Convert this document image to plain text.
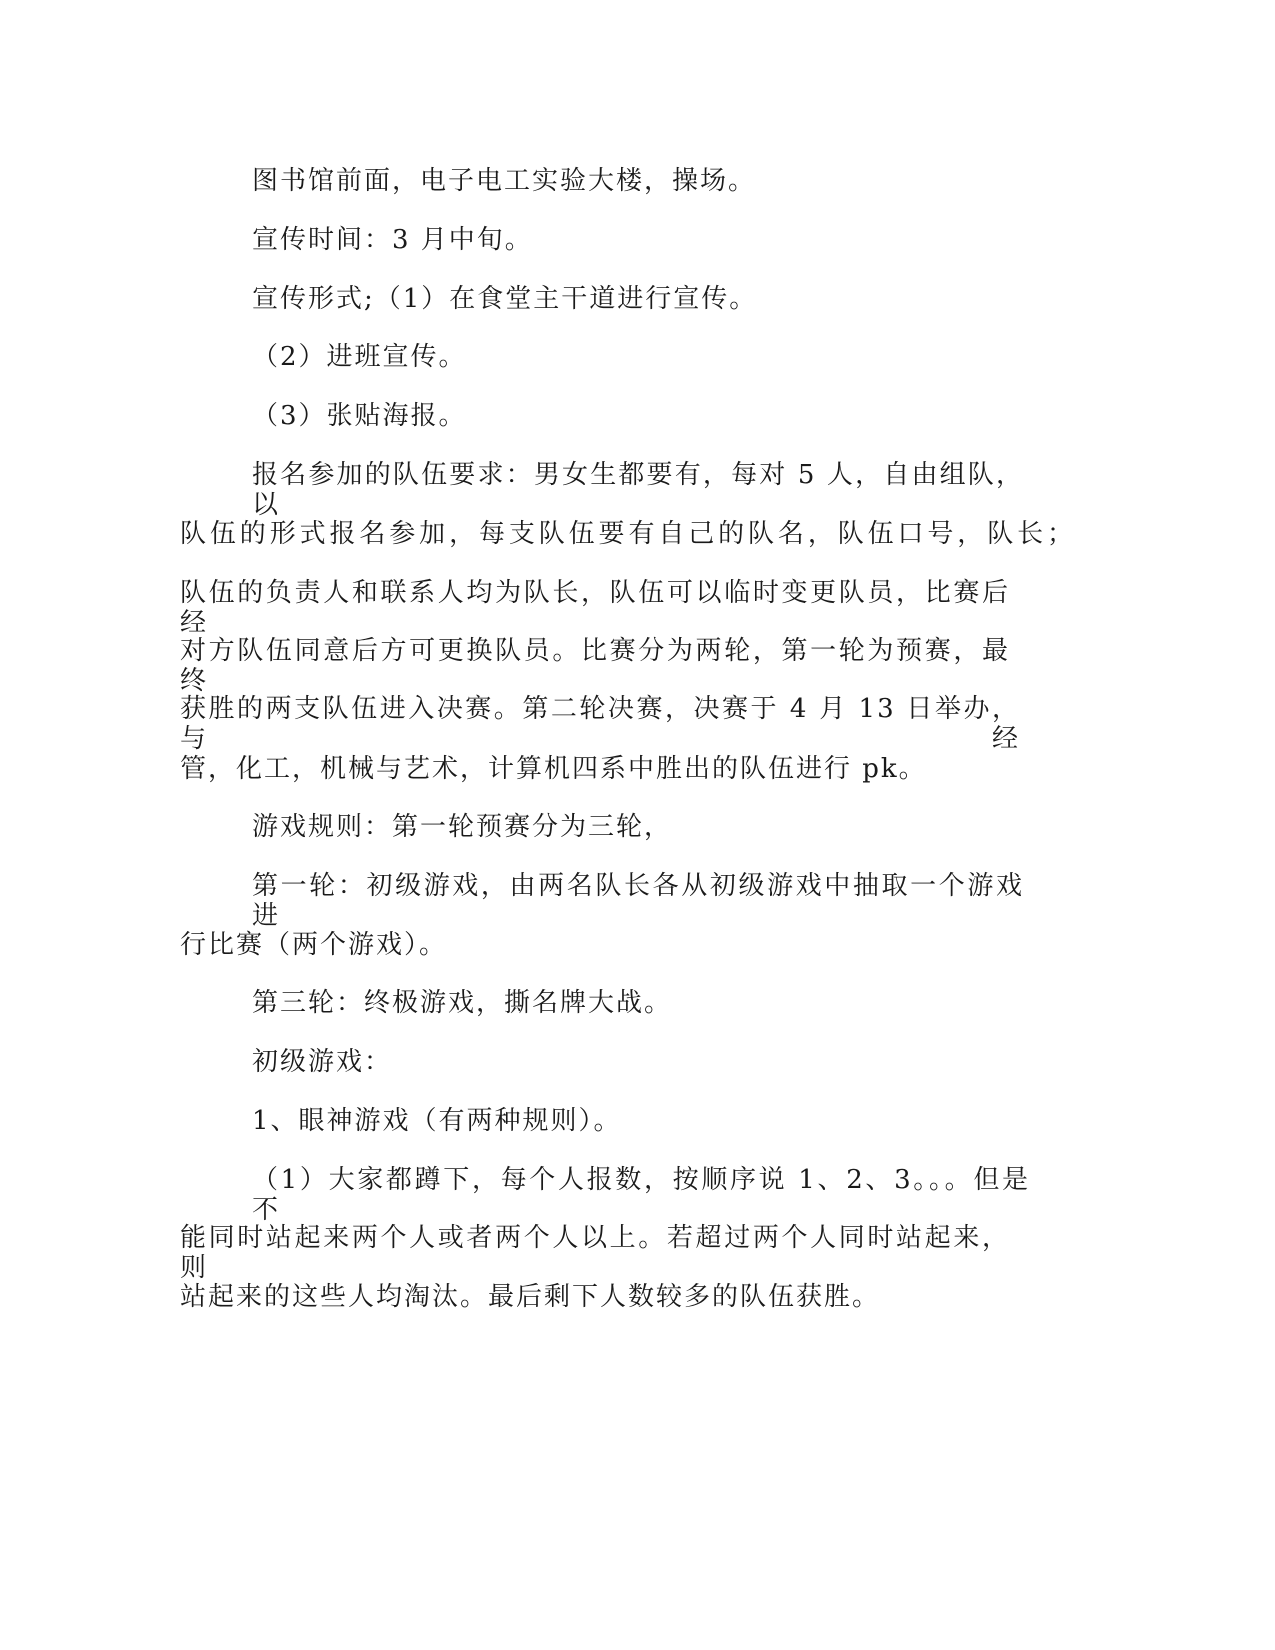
图书馆前面，电子电工实验大楼，操场。
宣传时间：3 月中旬。
宣传形式;（1）在食堂主干道进行宣传。
（2）进班宣传。
（3）张贴海报。
报名参加的队伍要求：男女生都要有，每对 5 人，自由组队，以
队伍的形式报名参加，每支队伍要有自己的队名，队伍口号，队长；
队伍的负责人和联系人均为队长，队伍可以临时变更队员，比赛后经
对方队伍同意后方可更换队员。比赛分为两轮，第一轮为预赛，最终
获胜的两支队伍进入决赛。第二轮决赛，决赛于 4 月 13 日举办，与经
管，化工，机械与艺术，计算机四系中胜出的队伍进行 pk。
游戏规则：第一轮预赛分为三轮，
第一轮：初级游戏，由两名队长各从初级游戏中抽取一个游戏进
行比赛（两个游戏）。
第三轮：终极游戏，撕名牌大战。
初级游戏：
1、眼神游戏（有两种规则）。
（1）大家都蹲下，每个人报数，按顺序说 1、2、3。。。但是不
能同时站起来两个人或者两个人以上。若超过两个人同时站起来，则
站起来的这些人均淘汰。最后剩下人数较多的队伍获胜。
